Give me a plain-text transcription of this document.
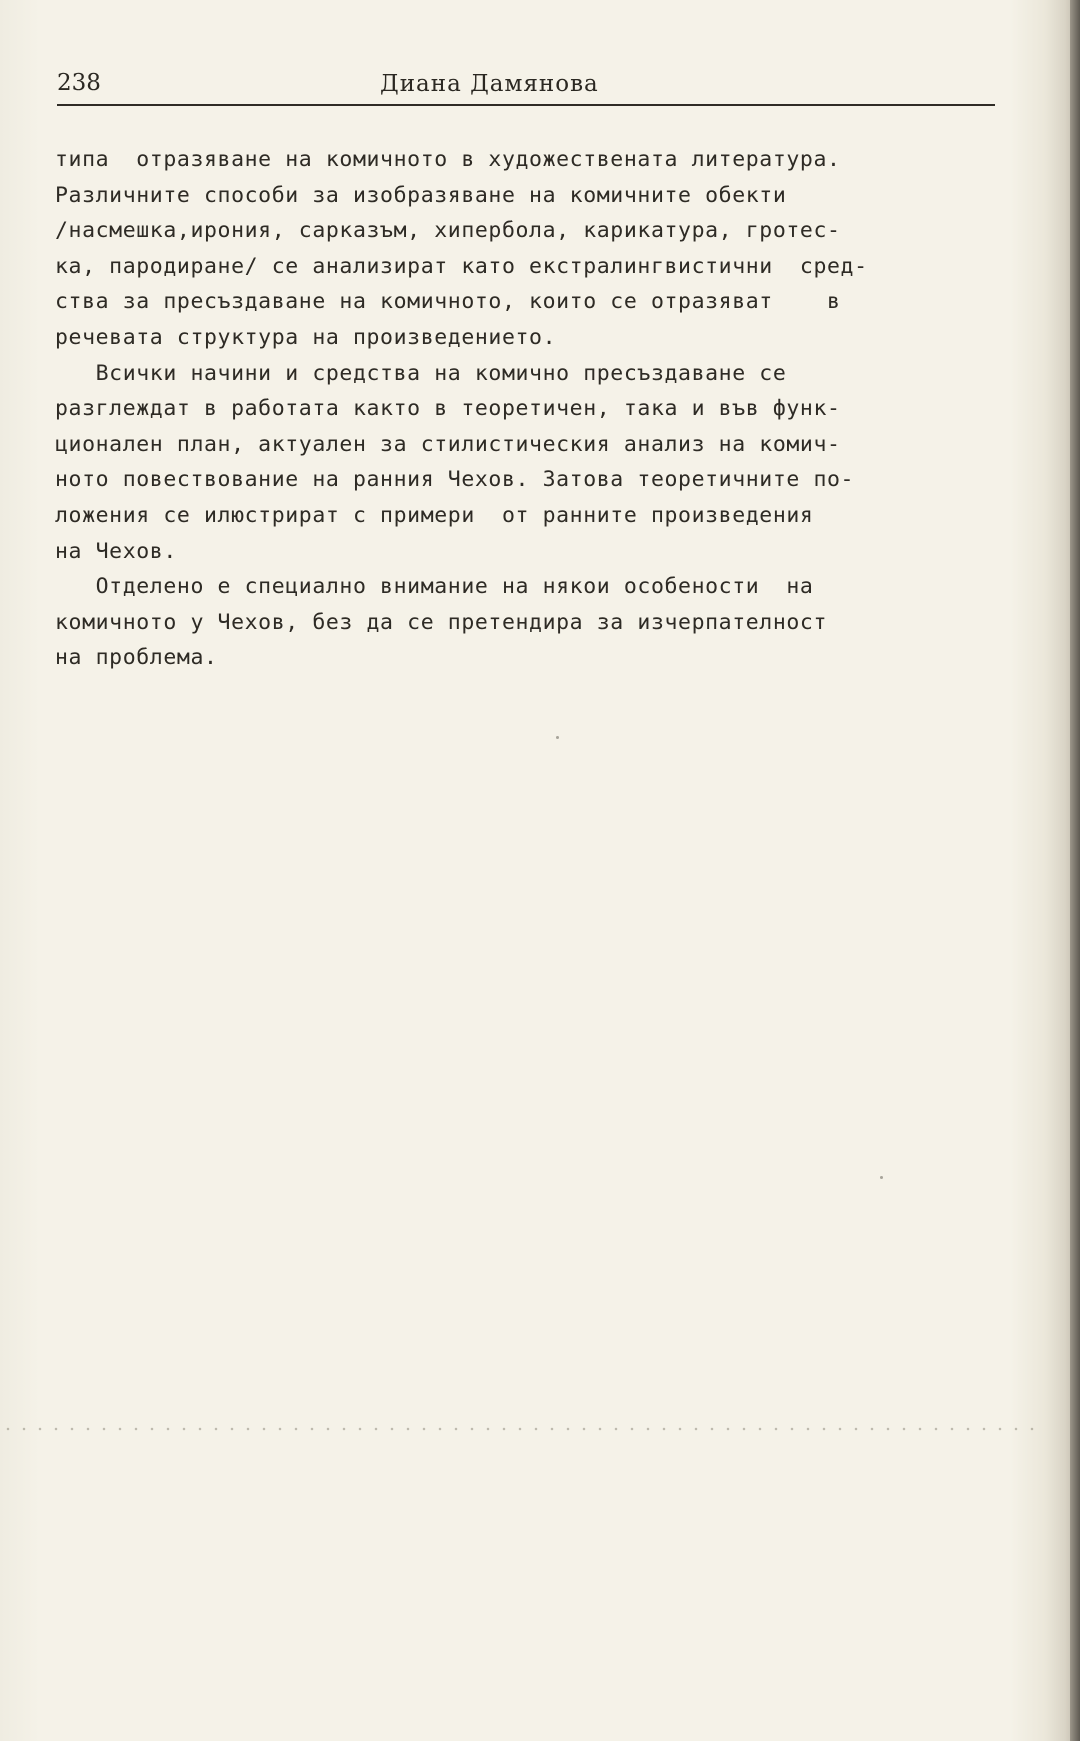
238	Диана Дамянова
типа  отразяване на комичното в художествената литература.
Различните способи за изобразяване на комичните обекти
/насмешка,ирония, сарказъм, хипербола, карикатура, гротес-
ка, пародиране/ се анализират като екстралингвистични  сред-
ства за пресъздаване на комичното, които се отразяват    в
речевата структура на произведението.
Всички начини и средства на комично пресъздаване се
разглеждат в работата както в теоретичен, така и във функ-
ционален план, актуален за стилистическия анализ на комич-
ното повествование на ранния Чехов. Затова теоретичните по-
ложения се илюстрират с примери  от ранните произведения
на Чехов.
Отделено е специално внимание на някои особености  на
комичното у Чехов, без да се претендира за изчерпателност
на проблема.
